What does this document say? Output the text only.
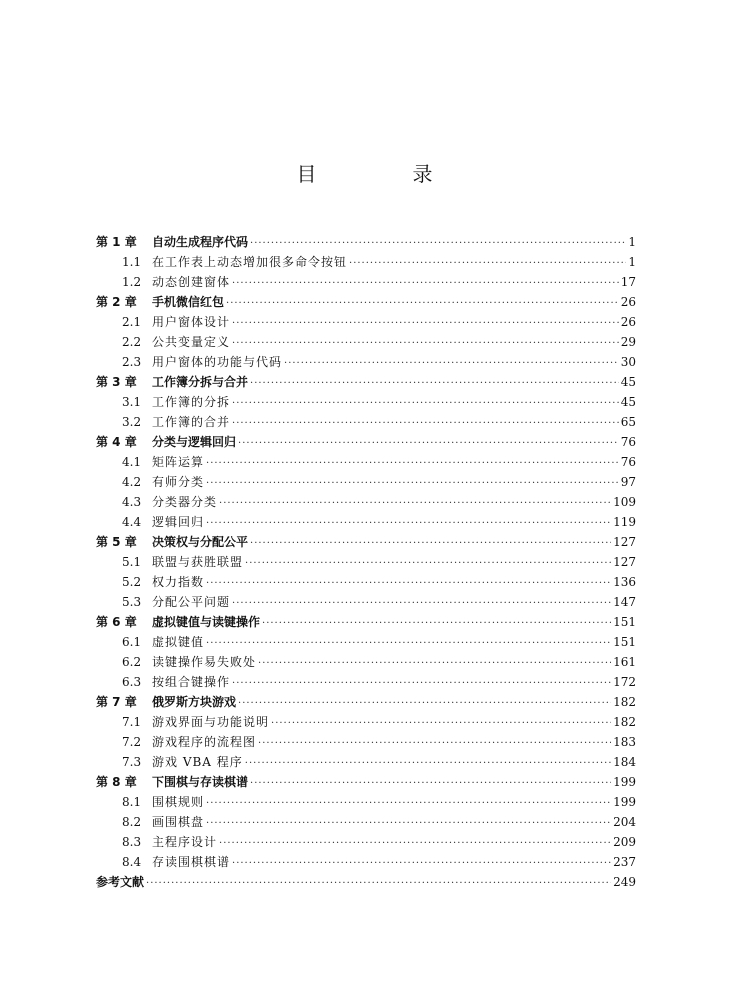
目　录
第 1 章	自动生成程序代码 ·····	1
1.1 在工作表上动态增加很多命令按钮 ·····	1
1.2 动态创建窗体 ·····	17
第 2 章	手机微信红包 ·····	26
2.1 用户窗体设计 ·····	26
2.2 公共变量定义 ·····	29
2.3 用户窗体的功能与代码 ·····	30
第 3 章	工作簿分拆与合并 ·····	45
3.1 工作簿的分拆 ·····	45
3.2 工作簿的合并 ·····	65
第 4 章	分类与逻辑回归 ·····	76
4.1 矩阵运算 ·····	76
4.2 有师分类 ·····	97
4.3 分类器分类 ·····	109
4.4 逻辑回归 ·····	119
第 5 章	决策权与分配公平 ·····	127
5.1 联盟与获胜联盟 ·····	127
5.2 权力指数 ·····	136
5.3 分配公平问题 ·····	147
第 6 章	虚拟键值与读键操作 ·····	151
6.1 虚拟键值 ·····	151
6.2 读键操作易失败处 ·····	161
6.3 按组合键操作 ·····	172
第 7 章	俄罗斯方块游戏 ·····	182
7.1 游戏界面与功能说明 ·····	182
7.2 游戏程序的流程图 ·····	183
7.3 游戏 VBA 程序 ·····	184
第 8 章	下围棋与存读棋谱 ·····	199
8.1 围棋规则 ·····	199
8.2 画围棋盘 ·····	204
8.3 主程序设计 ·····	209
8.4 存读围棋棋谱 ·····	237
参考文献 ·····	249
